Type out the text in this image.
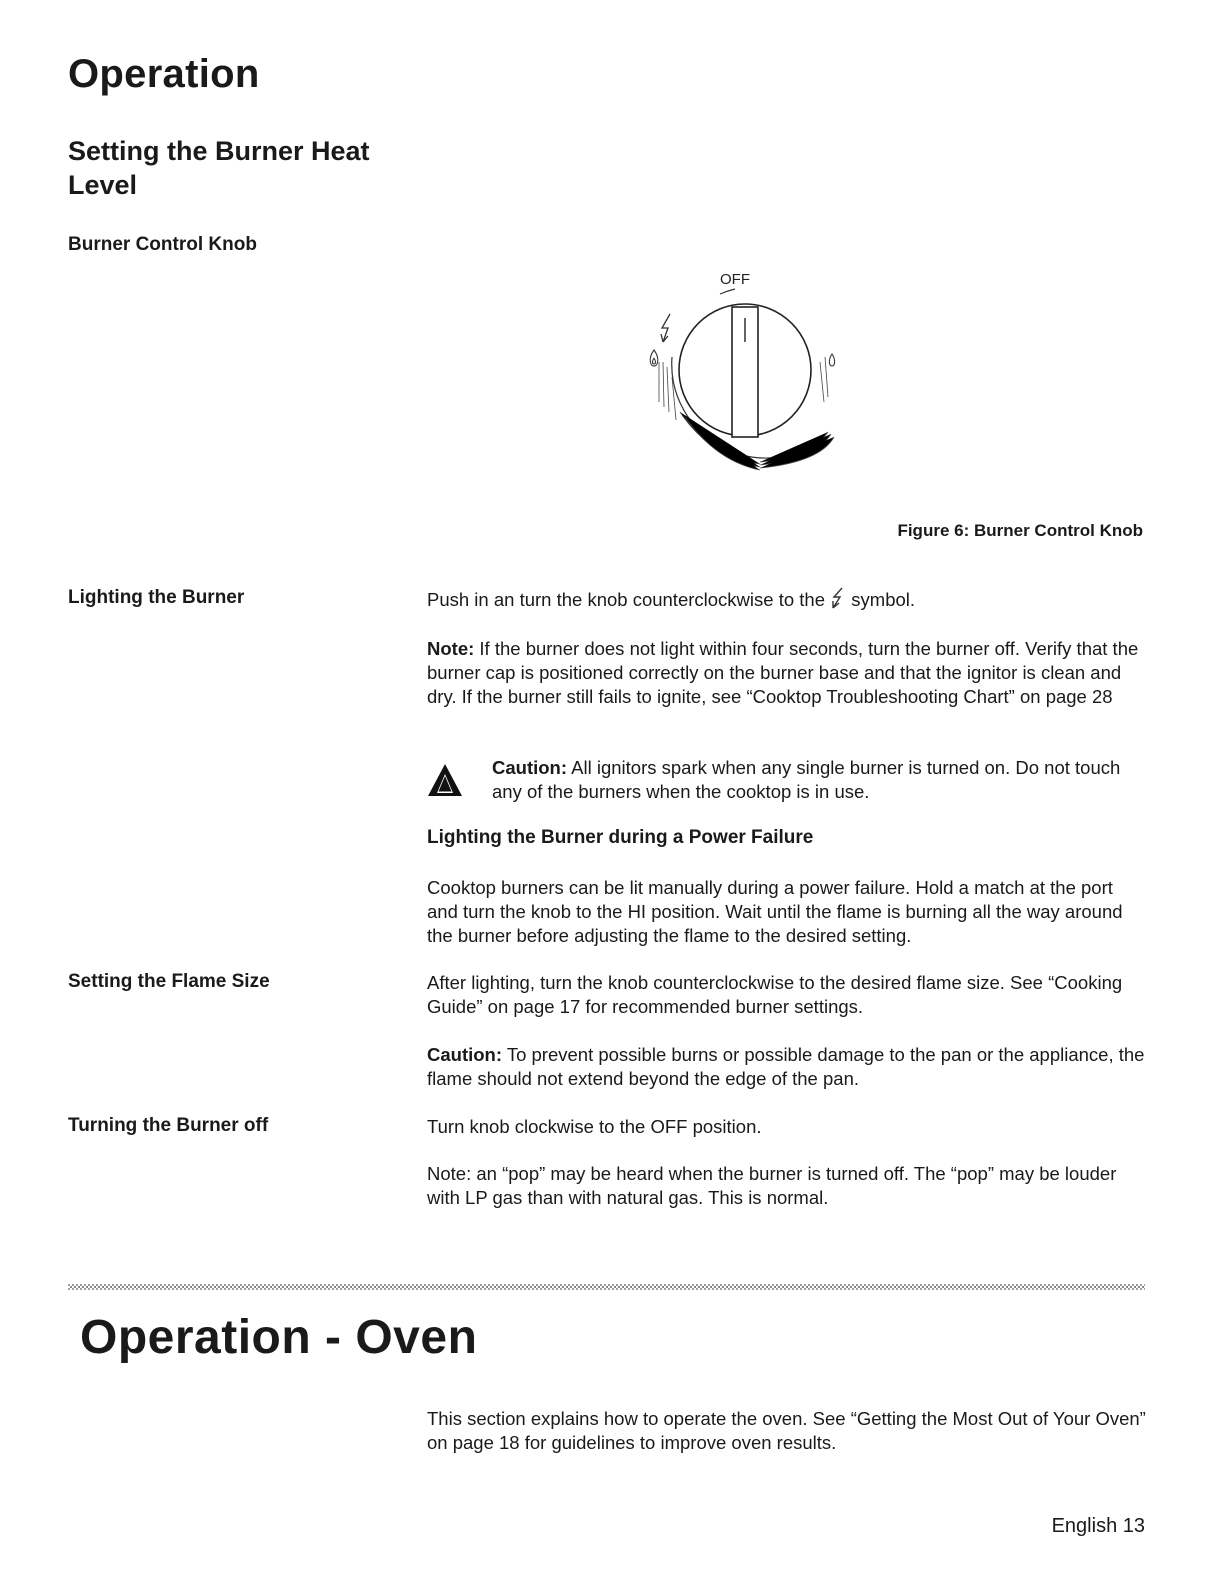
Operation
Setting the Burner Heat Level
Burner Control Knob
OFF
Figure 6: Burner Control Knob
Lighting the Burner	Push in an turn the knob counterclockwise to the symbol.

Note: If the burner does not light within four seconds, turn the burner off. Verify that the burner cap is positioned correctly on the burner base and that the ignitor is clean and dry. If the burner still fails to ignite, see “Cooktop Troubleshooting Chart” on page 28

Caution: All ignitors spark when any single burner is turned on. Do not touch any of the burners when the cooktop is in use.

Lighting the Burner during a Power Failure

Cooktop burners can be lit manually during a power failure. Hold a match at the port and turn the knob to the HI position. Wait until the flame is burning all the way around the burner before adjusting the flame to the desired setting.

Setting the Flame Size	After lighting, turn the knob counterclockwise to the desired flame size. See “Cooking Guide” on page 17 for recommended burner settings.

Caution: To prevent possible burns or possible damage to the pan or the appliance, the flame should not extend beyond the edge of the pan.

Turning the Burner off	Turn knob clockwise to the OFF position.

Note: an “pop” may be heard when the burner is turned off. The “pop” may be louder with LP gas than with natural gas. This is normal.

Operation - Oven

This section explains how to operate the oven. See “Getting the Most Out of Your Oven” on page 18 for guidelines to improve oven results.

English 13
